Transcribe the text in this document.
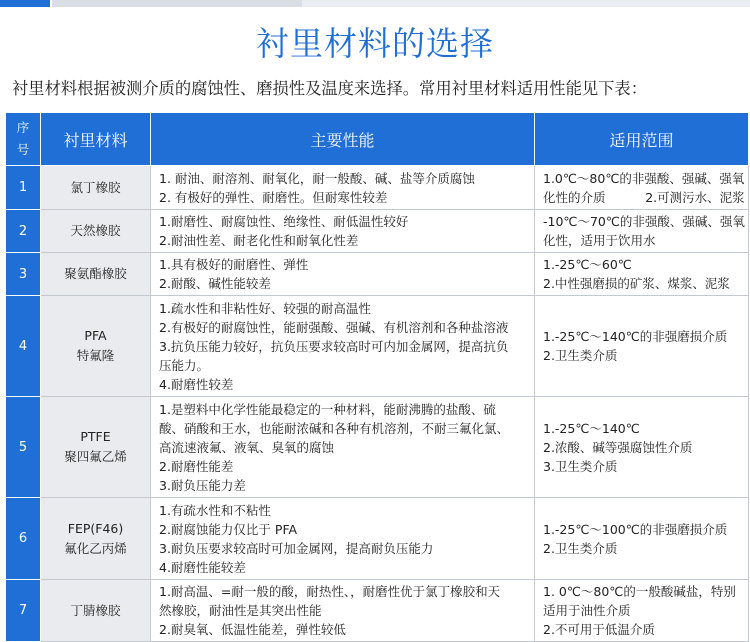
衬里材料的选择
衬里材料根据被测介质的腐蚀性、磨损性及温度来选择。常用衬里材料适用性能见下表：
序
号	衬里材料	主要性能	适用范围
1	氯丁橡胶	1. 耐油、耐溶剂、耐氧化，耐一般酸、碱、盐等介质腐蚀
2. 有极好的弹性、耐磨性。但耐寒性较差	1.0℃～80℃的非强酸、强碱、强氧
化性的介质          2.可测污水、泥浆

2	天然橡胶	1.耐磨性、耐腐蚀性、绝缘性、耐低温性较好
2.耐油性差、耐老化性和耐氧化性差	-10℃～70℃的非强酸、强碱、强氧
化性，适用于饮用水

3	聚氨酯橡胶	1.具有极好的耐磨性、弹性
2.耐酸、碱性能较差	1.-25℃～60℃
2.中性强磨损的矿浆、煤浆、泥浆

4	PFA
特氟隆	1.疏水性和非粘性好、较强的耐高温性
2.有极好的耐腐蚀性，能耐强酸、强碱、有机溶剂和各种盐溶液
3.抗负压能力较好，抗负压要求较高时可内加金属网，提高抗负
压能力。
4.耐磨性较差	1.-25℃～140℃的非强磨损介质
2.卫生类介质

5	PTFE
聚四氟乙烯	1.是塑料中化学性能最稳定的一种材料，能耐沸腾的盐酸、硫
酸、硝酸和王水，也能耐浓碱和各种有机溶剂，不耐三氟化氯、
高流速液氟、液氧、臭氧的腐蚀
2.耐磨性能差
3.耐负压能力差	1.-25℃～140℃
2.浓酸、碱等强腐蚀性介质
3.卫生类介质

6	FEP(F46)
氟化乙丙烯	1.有疏水性和不粘性
2.耐腐蚀能力仅比于 PFA
3.耐负压要求较高时可加金属网，提高耐负压能力
4.耐磨性能较差	1.-25℃～100℃的非强磨损介质
2.卫生类介质

7	丁腈橡胶	1.耐高温、=耐一般的酸，耐热性、，耐磨性优于氯丁橡胶和天
然橡胶，耐油性是其突出性能
2.耐臭氧、低温性能差，弹性较低	1. 0℃～80℃的一般酸碱盐，特别
适用于油性介质
2.不可用于低温介质
